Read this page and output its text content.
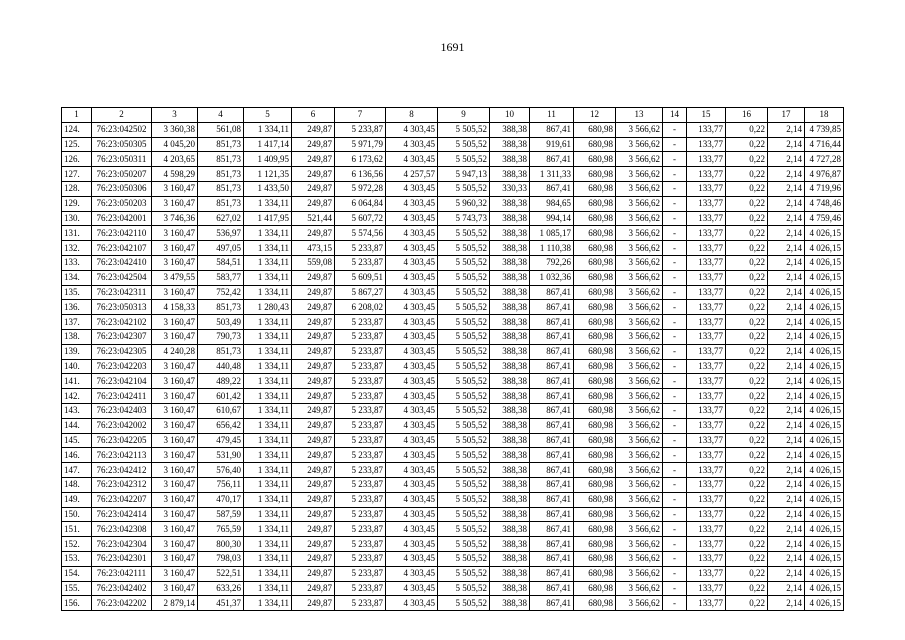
1691
1	2	3	4	5	6	7	8	9	10	11	12	13	14	15	16	17	18
124.	76:23:042502	3 360,38	561,08	1 334,11	249,87	5 233,87	4 303,45	5 505,52	388,38	867,41	680,98	3 566,62	-	133,77	0,22	2,14	4 739,85
125.	76:23:050305	4 045,20	851,73	1 417,14	249,87	5 971,79	4 303,45	5 505,52	388,38	919,61	680,98	3 566,62	-	133,77	0,22	2,14	4 716,44
126.	76:23:050311	4 203,65	851,73	1 409,95	249,87	6 173,62	4 303,45	5 505,52	388,38	867,41	680,98	3 566,62	-	133,77	0,22	2,14	4 727,28
127.	76:23:050207	4 598,29	851,73	1 121,35	249,87	6 136,56	4 257,57	5 947,13	388,38	1 311,33	680,98	3 566,62	-	133,77	0,22	2,14	4 976,87
128.	76:23:050306	3 160,47	851,73	1 433,50	249,87	5 972,28	4 303,45	5 505,52	330,33	867,41	680,98	3 566,62	-	133,77	0,22	2,14	4 719,96
129.	76:23:050203	3 160,47	851,73	1 334,11	249,87	6 064,84	4 303,45	5 960,32	388,38	984,65	680,98	3 566,62	-	133,77	0,22	2,14	4 748,46
130.	76:23:042001	3 746,36	627,02	1 417,95	521,44	5 607,72	4 303,45	5 743,73	388,38	994,14	680,98	3 566,62	-	133,77	0,22	2,14	4 759,46
131.	76:23:042110	3 160,47	536,97	1 334,11	249,87	5 574,56	4 303,45	5 505,52	388,38	1 085,17	680,98	3 566,62	-	133,77	0,22	2,14	4 026,15
132.	76:23:042107	3 160,47	497,05	1 334,11	473,15	5 233,87	4 303,45	5 505,52	388,38	1 110,38	680,98	3 566,62	-	133,77	0,22	2,14	4 026,15
133.	76:23:042410	3 160,47	584,51	1 334,11	559,08	5 233,87	4 303,45	5 505,52	388,38	792,26	680,98	3 566,62	-	133,77	0,22	2,14	4 026,15
134.	76:23:042504	3 479,55	583,77	1 334,11	249,87	5 609,51	4 303,45	5 505,52	388,38	1 032,36	680,98	3 566,62	-	133,77	0,22	2,14	4 026,15
135.	76:23:042311	3 160,47	752,42	1 334,11	249,87	5 867,27	4 303,45	5 505,52	388,38	867,41	680,98	3 566,62	-	133,77	0,22	2,14	4 026,15
136.	76:23:050313	4 158,33	851,73	1 280,43	249,87	6 208,02	4 303,45	5 505,52	388,38	867,41	680,98	3 566,62	-	133,77	0,22	2,14	4 026,15
137.	76:23:042102	3 160,47	503,49	1 334,11	249,87	5 233,87	4 303,45	5 505,52	388,38	867,41	680,98	3 566,62	-	133,77	0,22	2,14	4 026,15
138.	76:23:042307	3 160,47	790,73	1 334,11	249,87	5 233,87	4 303,45	5 505,52	388,38	867,41	680,98	3 566,62	-	133,77	0,22	2,14	4 026,15
139.	76:23:042305	4 240,28	851,73	1 334,11	249,87	5 233,87	4 303,45	5 505,52	388,38	867,41	680,98	3 566,62	-	133,77	0,22	2,14	4 026,15
140.	76:23:042203	3 160,47	440,48	1 334,11	249,87	5 233,87	4 303,45	5 505,52	388,38	867,41	680,98	3 566,62	-	133,77	0,22	2,14	4 026,15
141.	76:23:042104	3 160,47	489,22	1 334,11	249,87	5 233,87	4 303,45	5 505,52	388,38	867,41	680,98	3 566,62	-	133,77	0,22	2,14	4 026,15
142.	76:23:042411	3 160,47	601,42	1 334,11	249,87	5 233,87	4 303,45	5 505,52	388,38	867,41	680,98	3 566,62	-	133,77	0,22	2,14	4 026,15
143.	76:23:042403	3 160,47	610,67	1 334,11	249,87	5 233,87	4 303,45	5 505,52	388,38	867,41	680,98	3 566,62	-	133,77	0,22	2,14	4 026,15
144.	76:23:042002	3 160,47	656,42	1 334,11	249,87	5 233,87	4 303,45	5 505,52	388,38	867,41	680,98	3 566,62	-	133,77	0,22	2,14	4 026,15
145.	76:23:042205	3 160,47	479,45	1 334,11	249,87	5 233,87	4 303,45	5 505,52	388,38	867,41	680,98	3 566,62	-	133,77	0,22	2,14	4 026,15
146.	76:23:042113	3 160,47	531,90	1 334,11	249,87	5 233,87	4 303,45	5 505,52	388,38	867,41	680,98	3 566,62	-	133,77	0,22	2,14	4 026,15
147.	76:23:042412	3 160,47	576,40	1 334,11	249,87	5 233,87	4 303,45	5 505,52	388,38	867,41	680,98	3 566,62	-	133,77	0,22	2,14	4 026,15
148.	76:23:042312	3 160,47	756,11	1 334,11	249,87	5 233,87	4 303,45	5 505,52	388,38	867,41	680,98	3 566,62	-	133,77	0,22	2,14	4 026,15
149.	76:23:042207	3 160,47	470,17	1 334,11	249,87	5 233,87	4 303,45	5 505,52	388,38	867,41	680,98	3 566,62	-	133,77	0,22	2,14	4 026,15
150.	76:23:042414	3 160,47	587,59	1 334,11	249,87	5 233,87	4 303,45	5 505,52	388,38	867,41	680,98	3 566,62	-	133,77	0,22	2,14	4 026,15
151.	76:23:042308	3 160,47	765,59	1 334,11	249,87	5 233,87	4 303,45	5 505,52	388,38	867,41	680,98	3 566,62	-	133,77	0,22	2,14	4 026,15
152.	76:23:042304	3 160,47	800,30	1 334,11	249,87	5 233,87	4 303,45	5 505,52	388,38	867,41	680,98	3 566,62	-	133,77	0,22	2,14	4 026,15
153.	76:23:042301	3 160,47	798,03	1 334,11	249,87	5 233,87	4 303,45	5 505,52	388,38	867,41	680,98	3 566,62	-	133,77	0,22	2,14	4 026,15
154.	76:23:042111	3 160,47	522,51	1 334,11	249,87	5 233,87	4 303,45	5 505,52	388,38	867,41	680,98	3 566,62	-	133,77	0,22	2,14	4 026,15
155.	76:23:042402	3 160,47	633,26	1 334,11	249,87	5 233,87	4 303,45	5 505,52	388,38	867,41	680,98	3 566,62	-	133,77	0,22	2,14	4 026,15
156.	76:23:042202	2 879,14	451,37	1 334,11	249,87	5 233,87	4 303,45	5 505,52	388,38	867,41	680,98	3 566,62	-	133,77	0,22	2,14	4 026,15
